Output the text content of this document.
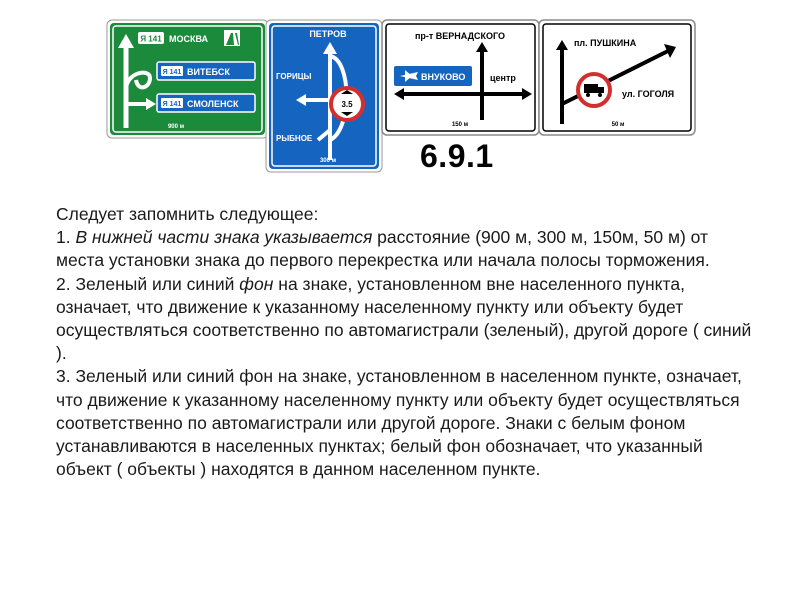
Я 141 МОСКВА
Я 141 ВИТЕБСК
Я 141 СМОЛЕНСК
900 м
ПЕТРОВ
ГОРИЦЫ
РЫБНОЕ
3.5
300 м
пр-т ВЕРНАДСКОГО
ВНУКОВО	центр
150 м
пл. ПУШКИНА
ул. ГОГОЛЯ
50 м
6.9.1

Следует запомнить следующее:

1. В нижней части знака указывается расстояние (900 м, 300 м, 150м, 50 м) от места установки знака до первого перекрестка или начала полосы торможения.

2. Зеленый или синий фон на знаке, установленном вне населенного пункта, означает, что движение к указанному населенному пункту или объекту будет осуществляться соответственно по автомагистрали (зеленый), другой дороге ( синий ).

3. Зеленый или синий фон на знаке, установленном в населенном пункте, означает, что движение к указанному населенному пункту или объекту будет осуществляться соответственно по автомагистрали или другой дороге. Знаки с белым фоном устанавливаются в населенных пунктах; белый фон обозначает, что указанный объект ( объекты ) находятся в данном населенном пункте.
